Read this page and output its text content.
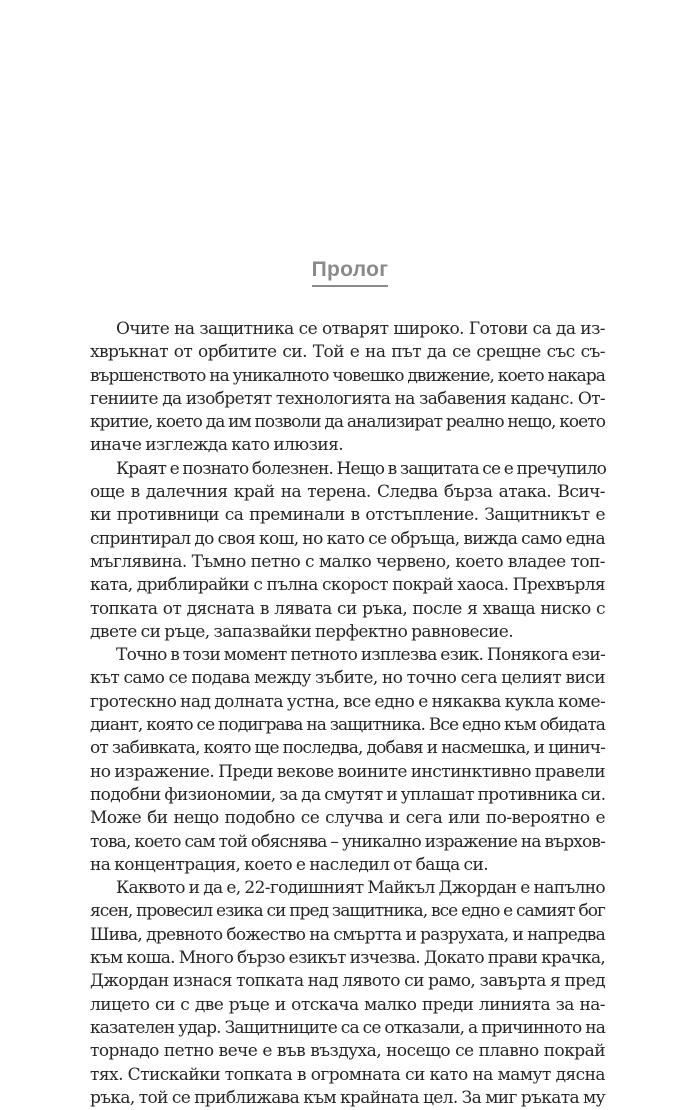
Пролог
Очите на защитника се отварят широко. Готови са да из-
хвръкнат от орбитите си. Той е на път да се срещне със съ-
вършенството на уникалното човешко движение, което накара
гениите да изобретят технологията на забавения каданс. От-
критие, което да им позволи да анализират реално нещо, което
иначе изглежда като илюзия.
Краят е познато болезнен. Нещо в защитата се е пречупило
още в далечния край на терена. Следва бърза атака. Всич-
ки противници са преминали в отстъпление. Защитникът е
спринтирал до своя кош, но като се обръща, вижда само една
мъглявина. Тъмно петно с малко червено, което владее топ-
ката, дриблирайки с пълна скорост покрай хаоса. Прехвърля
топката от дясната в лявата си ръка, после я хваща ниско с
двете си ръце, запазвайки перфектно равновесие.
Точно в този момент петното изплезва език. Понякога ези-
кът само се подава между зъбите, но точно сега целият виси
гротескно над долната устна, все едно е някаква кукла коме-
диант, която се подиграва на защитника. Все едно към обидата
от забивката, която ще последва, добавя и насмешка, и цинич-
но изражение. Преди векове воините инстинктивно правели
подобни физиономии, за да смутят и уплашат противника си.
Може би нещо подобно се случва и сега или по-вероятно е
това, което сам той обяснява – уникално изражение на върхов-
на концентрация, което е наследил от баща си.
Каквото и да е, 22-годишният Майкъл Джордан е напълно
ясен, провесил езика си пред защитника, все едно е самият бог
Шива, древното божество на смъртта и разрухата, и напредва
към коша. Много бързо езикът изчезва. Докато прави крачка,
Джордан изнася топката над лявото си рамо, завърта я пред
лицето си с две ръце и отскача малко преди линията за на-
казателен удар. Защитниците са се отказали, а причинното на
торнадо петно вече е във въздуха, носещо се плавно покрай
тях. Стискайки топката в огромната си като на мамут дясна
ръка, той се приближава към крайната цел. За миг ръката му
